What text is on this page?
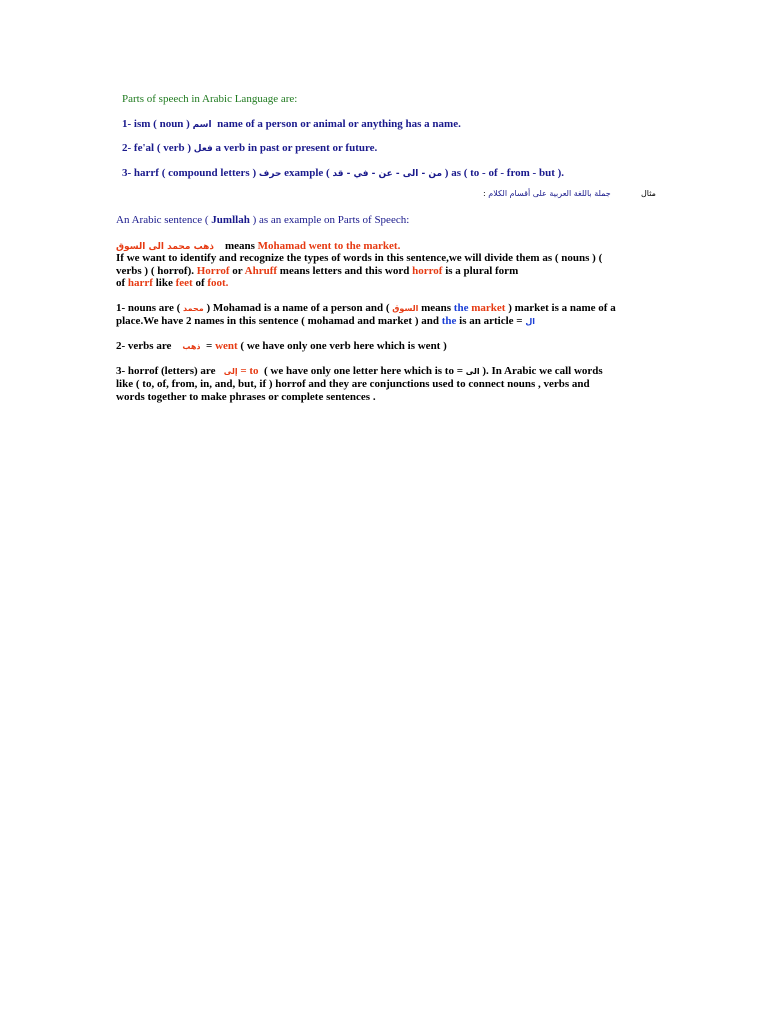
Parts of speech in Arabic Language are:
1- ism ( noun ) اسم name of a person or animal or anything has a name.
2- fe'al ( verb ) فعل a verb in past or present or future.
3- harrf ( compound letters ) حرف example ( من - الى - عن - في - قد ) as ( to - of - from - but ).
: مثال           جملة باللغة العربية على أقسام الكلام
An Arabic sentence ( Jumllah ) as an example on Parts of Speech:
ذهب محمد الى السوق means Mohamad went to the market.
If we want to identify and recognize the types of words in this sentence,we will divide them as ( nouns ) (
verbs ) ( horrof). Horrof or Ahruff means letters and this word horrof is a plural form
of harrf like feet of foot.
1- nouns are ( محمد ) Mohamad is a name of a person and ( السوق means the market ) market is a name of a
place.We have 2 names in this sentence ( mohamad and market ) and the is an article = ال
2- verbs are ذهب = went ( we have only one verb here which is went )
3- horrof (letters) are إلى = to ( we have only one letter here which is to = الى ). In Arabic we call words
like ( to, of, from, in, and, but, if ) horrof and they are conjunctions used to connect nouns , verbs and
words together to make phrases or complete sentences .
